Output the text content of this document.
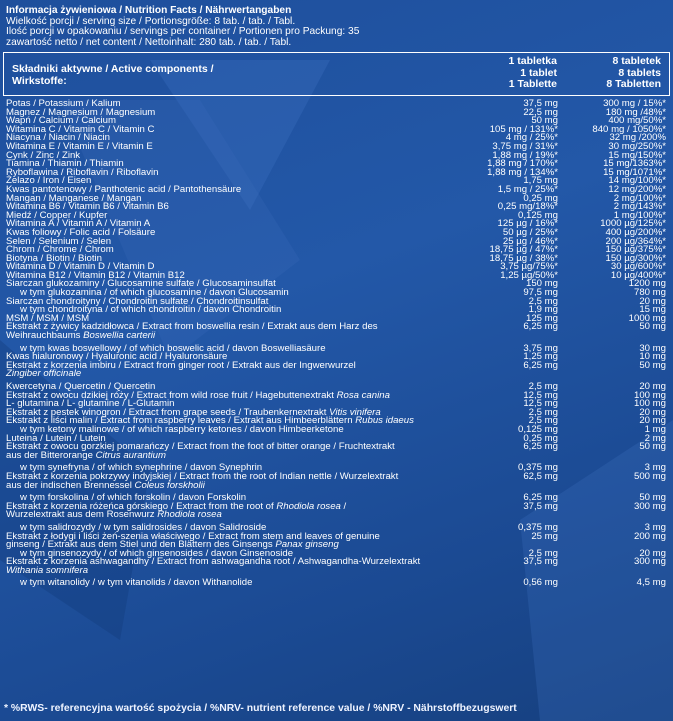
Informacja żywieniowa / Nutrition Facts / Nährwertangaben
Wielkość porcji / serving size / Portionsgröße: 8 tab. / tab. / Tabl.
Ilość porcji w opakowaniu / servings per container / Portionen pro Packung: 35
zawartość netto / net content / Nettoinhalt: 280 tab. / tab. / Tabl.
Składniki aktywne / Active components /
Wirkstoffe:
1 tabletka
1 tablet
1 Tablette
8 tabletek
8 tablets
8 Tabletten
Potas / Potassium / Kalium	37,5 mg	300 mg / 15%*
Magnez / Magnesium / Magnesium	22,5 mg	180 mg /48%*
Wapń / Calcium / Calcium	50 mg	400 mg/50%*
Witamina C / Vitamin C / Vitamin C	105 mg / 131%*	840 mg / 1050%*
Niacyna / Niacin / Niacin	4 mg / 25%*	32 mg /200%
Witamina E / Vitamin E / Vitamin E	3,75 mg / 31%*	30 mg/250%*
Cynk / Zinc / Zink	1,88 mg / 19%*	15 mg/150%*
Tiamina / Thiamin / Thiamin	1,88 mg / 170%*	15 mg/1363%*
Ryboflawina / Riboflavin / Riboflavin	1,88 mg / 134%*	15 mg/1071%*
Żelazo / Iron / Eisen	1,75 mg	14 mg/100%*
Kwas pantotenowy / Panthotenic acid / Pantothensäure	1,5 mg / 25%*	12 mg/200%*
Mangan / Manganese / Mangan	0,25 mg	2 mg/100%*
Witamina B6 / Vitamin B6 / Vitamin B6	0,25 mg/18%*	2 mg/143%*
Miedź / Copper / Kupfer	0,125 mg	1 mg/100%*
Witamina A / Vitamin A / Vitamin A	125 µg / 16%*	1000 µg/125%*
Kwas foliowy / Folic acid / Folsäure	50 µg / 25%*	400 µg/200%*
Selen / Selenium / Selen	25 µg / 46%*	200 µg/364%*
Chrom / Chrome / Chrom	18,75 µg / 47%*	150 µg/375%*
Biotyna / Biotin / Biotin	18,75 µg / 38%*	150 µg/300%*
Witamina D / Vitamin D / Vitamin D	3,75 µg/75%*	30 µg/600%*
Witamina B12 / Vitamin B12 / Vitamin B12	1,25 µg/50%*	10 µg/400%*
Siarczan glukozaminy / Glucosamine sulfate / Glucosaminsulfat	150 mg	1200 mg
w tym glukozamina / of which glucosamine / davon Glucosamin	97,5 mg	780 mg
Siarczan chondroityny / Chondroitin sulfate / Chondroitinsulfat	2,5 mg	20 mg
w tym chondroityna / of which chondroitin / davon Chondroitin	1,9 mg	15 mg
MSM / MSM / MSM	125 mg	1000 mg
Ekstrakt z żywicy kadzidłowca / Extract from boswellia resin / Extrakt aus dem Harz des	6,25 mg	50 mg
Weihrauchbaums Boswellia carterii
w tym kwas boswellowy / of which boswelic acid / davon Boswelliasäure	3,75 mg	30 mg
Kwas hialuronowy / Hyaluronic acid / Hyaluronsäure	1,25 mg	10 mg
Ekstrakt z korzenia imbiru / Extract from ginger root / Extrakt aus der Ingwerwurzel	6,25 mg	50 mg
Zingiber officinale
Kwercetyna / Quercetin / Quercetin	2,5 mg	20 mg
Ekstrakt z owocu dzikiej róży / Extract from wild rose fruit / Hagebuttenextrakt Rosa canina	12,5 mg	100 mg
L- glutamina / L- glutamine / L-Glutamin	12,5 mg	100 mg
Ekstrakt z pestek winogron / Extract from grape seeds / Traubenkernextrakt Vitis vinifera	2,5 mg	20 mg
Ekstrakt z liści malin / Extract from raspberry leaves / Extrakt aus Himbeerblättern Rubus idaeus	2,5 mg	20 mg
w tym ketony malinowe / of which raspberry ketones / davon Himbeerketone	0,125 mg	1 mg
Luteina / Lutein / Lutein	0,25 mg	2 mg
Ekstrakt z owocu gorzkiej pomarańczy / Extract from the foot of bitter orange / Fruchtextrakt	6,25 mg	50 mg
aus der Bitterorange Citrus aurantium
w tym synefryna / of which synephrine / davon Synephrin	0,375 mg	3 mg
Ekstrakt z korzenia pokrzywy indyjskiej / Extract from the root of Indian nettle / Wurzelextrakt	62,5 mg	500 mg
aus der indischen Brennessel Coleus forskholii
w tym forskolina / of which forskolin / davon Forskolin	6,25 mg	50 mg
Ekstrakt z korzenia różeńca górskiego / Extract from the root of Rhodiola rosea /	37,5 mg	300 mg
Wurzelextrakt aus dem Rosenwurz Rhodiola rosea
w tym salidrozydy / w tym salidrosides / davon Salidroside	0,375 mg	3 mg
Ekstrakt z łodygi i liści żeń-szenia właściwego / Extract from stem and leaves of genuine	25 mg	200 mg
ginseng / Extrakt aus dem Stiel und den Blättern des Ginsengs Panax ginseng
w tym ginsenozydy / of which ginsenosides / davon Ginsenoside	2,5 mg	20 mg
Ekstrakt z korzenia ashwagandhy / Extract from ashwagandha root / Ashwagandha-Wurzelextrakt	37,5 mg	300 mg
Withania somnifera
w tym witanolidy / w tym vitanolids / davon Withanolide	0,56 mg	4,5 mg
* %RWS- referencyjna wartość spożycia / %NRV- nutrient reference value / %NRV - Nährstoffbezugswert
